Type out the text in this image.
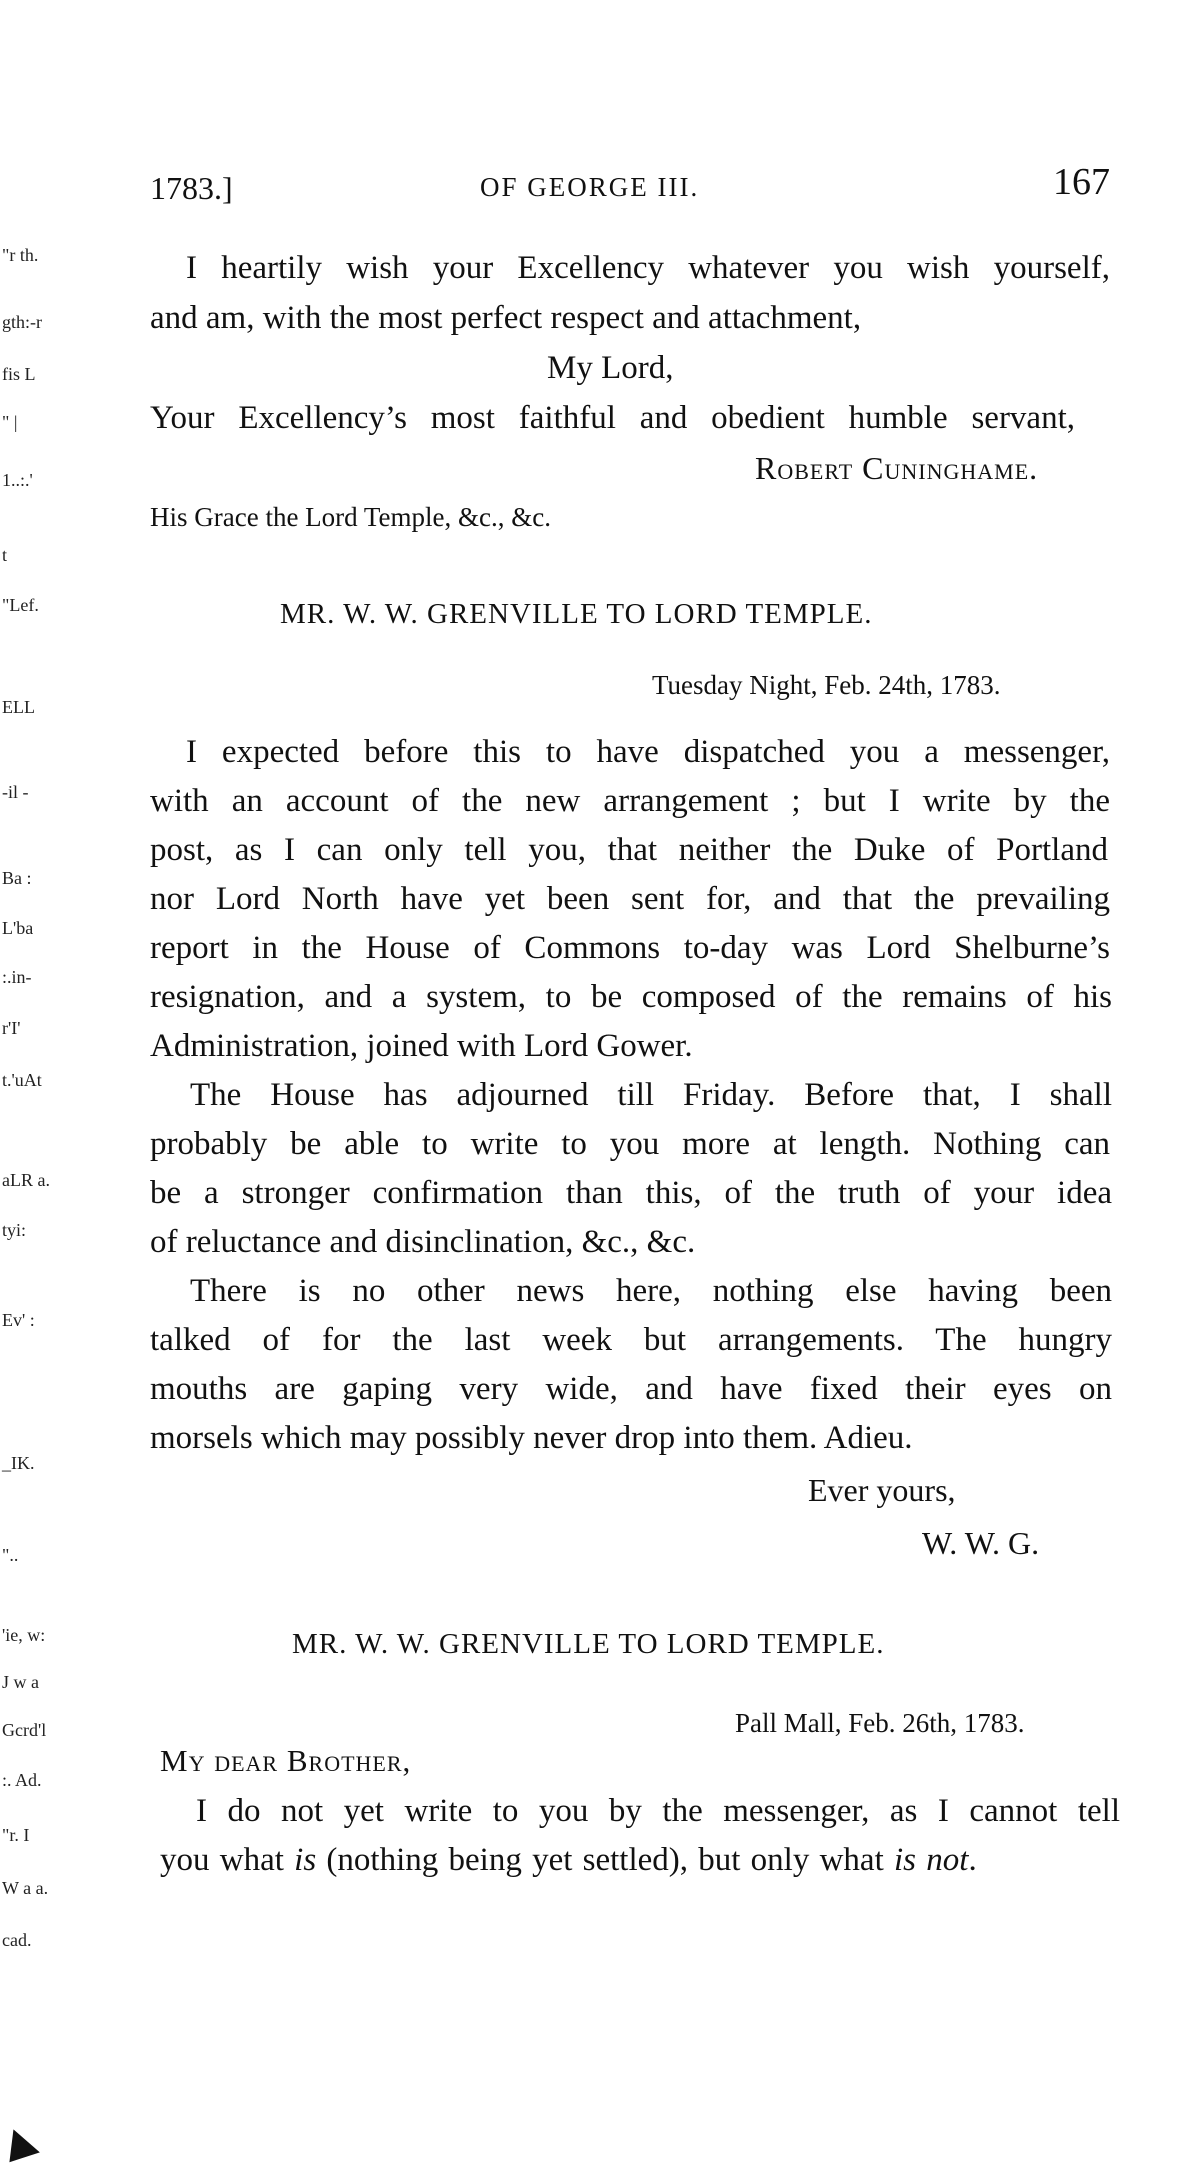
"r th.
gth:-r
fis L
" |
1..:.'
t
"Lef.
ELL
-il -
Ba :
L'ba
:.in-
r'I'
t.'uAt
aLR a.
tyi:
Ev' :
_IK.
"..
'ie, w:
J w a
Gcrd'l
:. Ad.
"r. I
W a a.
cad.
1783.]	OF GEORGE III.	167
I heartily wish your Excellency whatever you wish yourself,
and am, with the most perfect respect and attachment,
My Lord,
Your Excellency’s most faithful and obedient humble servant,
Robert Cuninghame.
His Grace the Lord Temple, &c., &c.
MR. W. W. GRENVILLE TO LORD TEMPLE.
Tuesday Night, Feb. 24th, 1783.
I expected before this to have dispatched you a messenger,
with an account of the new arrangement ; but I write by the
post, as I can only tell you, that neither the Duke of Portland
nor Lord North have yet been sent for, and that the prevailing
report in the House of Commons to-day was Lord Shelburne’s
resignation, and a system, to be composed of the remains of his
Administration, joined with Lord Gower.
The House has adjourned till Friday. Before that, I shall
probably be able to write to you more at length. Nothing can
be a stronger confirmation than this, of the truth of your idea
of reluctance and disinclination, &c., &c.
There is no other news here, nothing else having been
talked of for the last week but arrangements. The hungry
mouths are gaping very wide, and have fixed their eyes on
morsels which may possibly never drop into them. Adieu.
Ever yours,
W. W. G.
MR. W. W. GRENVILLE TO LORD TEMPLE.
Pall Mall, Feb. 26th, 1783.
My dear Brother,
I do not yet write to you by the messenger, as I cannot tell
you what is (nothing being yet settled), but only what is not.
